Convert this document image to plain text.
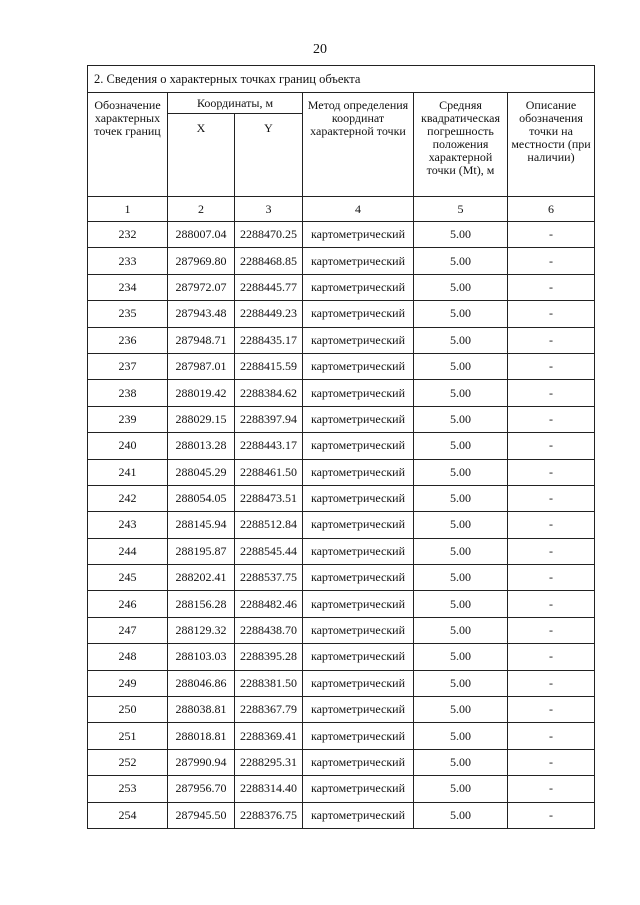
20
2. Сведения о характерных точках границ объекта					
Обозначение характерных точек границ	Координаты, м		Метод определения координат характерной точки	Средняя квадратическая погрешность положения характерной точки (Mt), м	Описание обозначения точки на местности (при наличии)
	X	Y			
1	2	3	4	5	6
232	288007.04	2288470.25	картометрический	5.00	-
233	287969.80	2288468.85	картометрический	5.00	-
234	287972.07	2288445.77	картометрический	5.00	-
235	287943.48	2288449.23	картометрический	5.00	-
236	287948.71	2288435.17	картометрический	5.00	-
237	287987.01	2288415.59	картометрический	5.00	-
238	288019.42	2288384.62	картометрический	5.00	-
239	288029.15	2288397.94	картометрический	5.00	-
240	288013.28	2288443.17	картометрический	5.00	-
241	288045.29	2288461.50	картометрический	5.00	-
242	288054.05	2288473.51	картометрический	5.00	-
243	288145.94	2288512.84	картометрический	5.00	-
244	288195.87	2288545.44	картометрический	5.00	-
245	288202.41	2288537.75	картометрический	5.00	-
246	288156.28	2288482.46	картометрический	5.00	-
247	288129.32	2288438.70	картометрический	5.00	-
248	288103.03	2288395.28	картометрический	5.00	-
249	288046.86	2288381.50	картометрический	5.00	-
250	288038.81	2288367.79	картометрический	5.00	-
251	288018.81	2288369.41	картометрический	5.00	-
252	287990.94	2288295.31	картометрический	5.00	-
253	287956.70	2288314.40	картометрический	5.00	-
254	287945.50	2288376.75	картометрический	5.00	-
